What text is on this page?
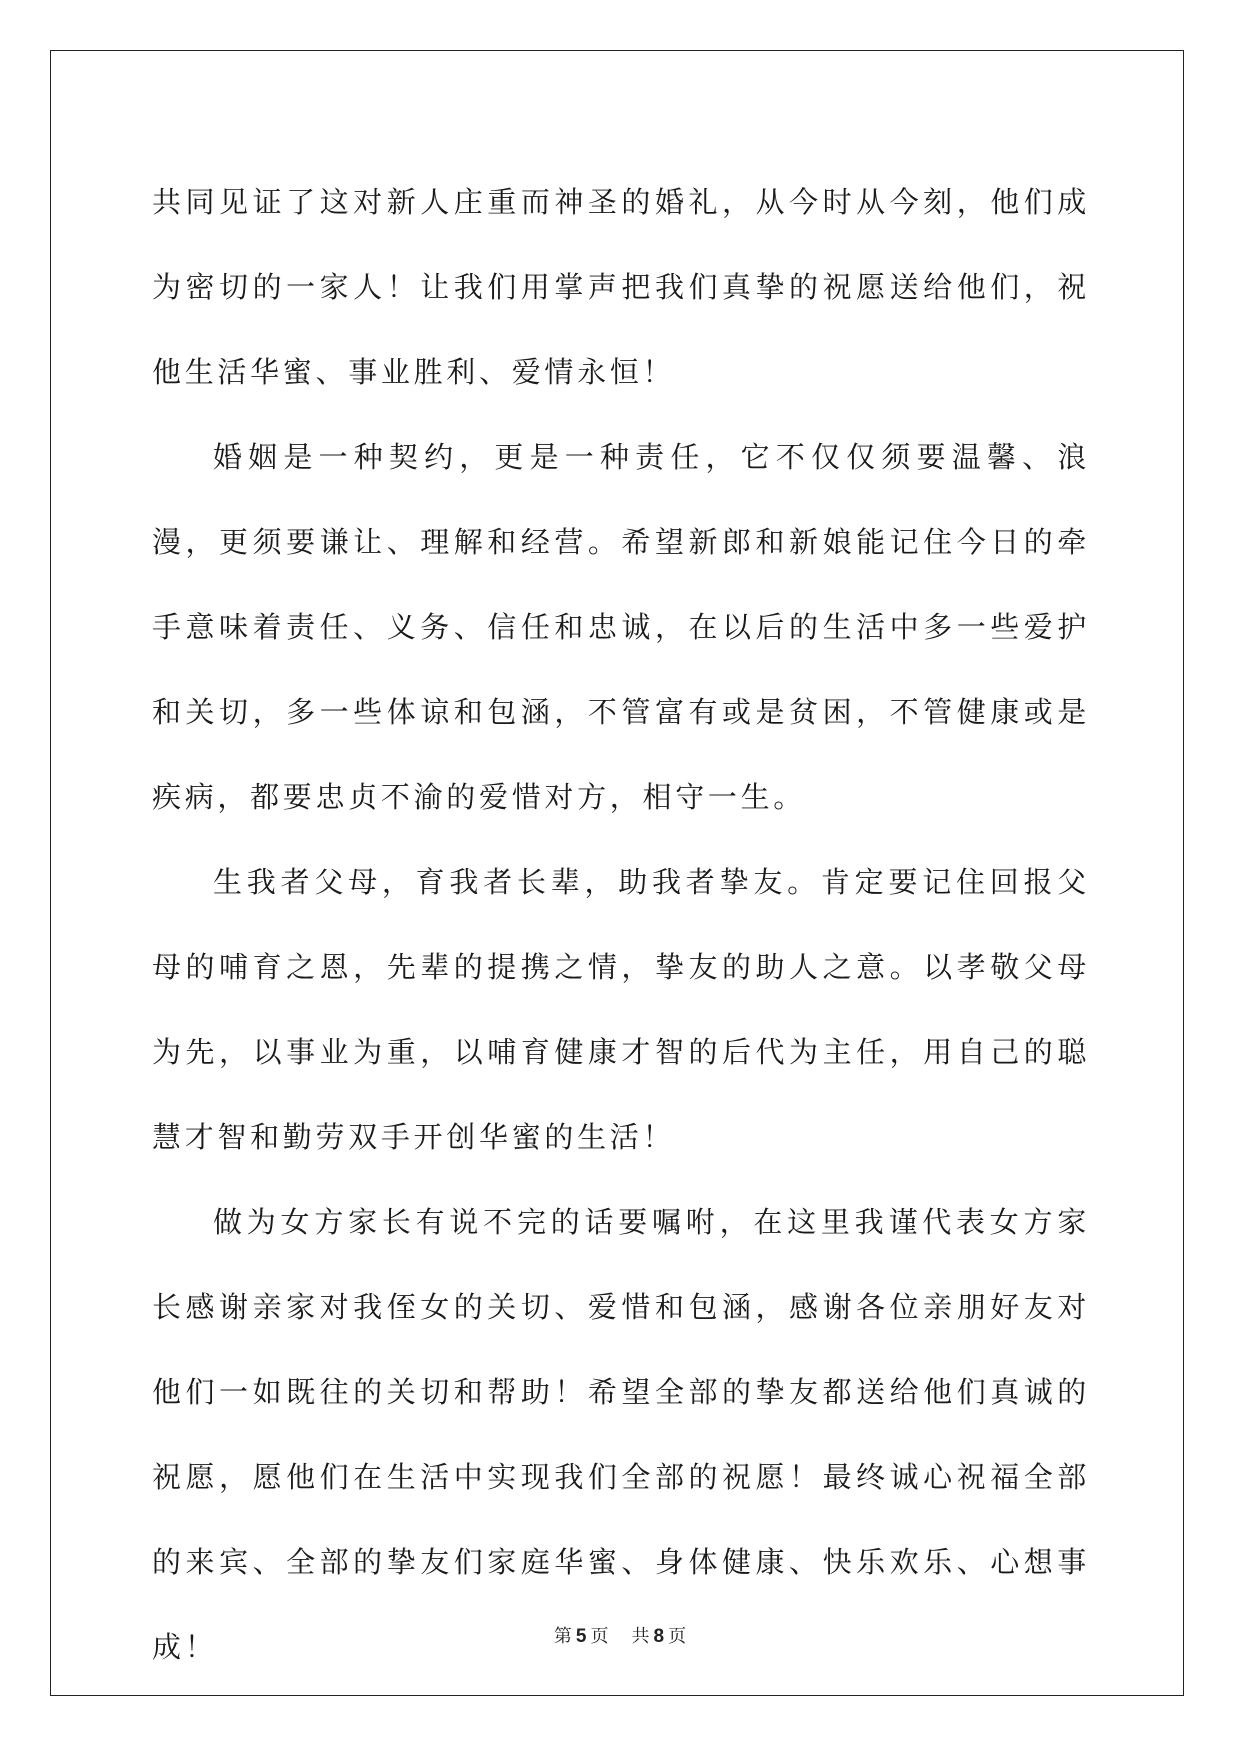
共同见证了这对新人庄重而神圣的婚礼，从今时从今刻，他们成为密切的一家人！让我们用掌声把我们真挚的祝愿送给他们，祝他生活华蜜、事业胜利、爱情永恒！

婚姻是一种契约，更是一种责任，它不仅仅须要温馨、浪漫，更须要谦让、理解和经营。希望新郎和新娘能记住今日的牵手意味着责任、义务、信任和忠诚，在以后的生活中多一些爱护和关切，多一些体谅和包涵，不管富有或是贫困，不管健康或是疾病，都要忠贞不渝的爱惜对方，相守一生。

生我者父母，育我者长辈，助我者挚友。肯定要记住回报父母的哺育之恩，先辈的提携之情，挚友的助人之意。以孝敬父母为先，以事业为重，以哺育健康才智的后代为主任，用自己的聪慧才智和勤劳双手开创华蜜的生活！

做为女方家长有说不完的话要嘱咐，在这里我谨代表女方家长感谢亲家对我侄女的关切、爱惜和包涵，感谢各位亲朋好友对他们一如既往的关切和帮助！希望全部的挚友都送给他们真诚的祝愿，愿他们在生活中实现我们全部的祝愿！最终诚心祝福全部的来宾、全部的挚友们家庭华蜜、身体健康、快乐欢乐、心想事成！	第 5 页 共 8 页
